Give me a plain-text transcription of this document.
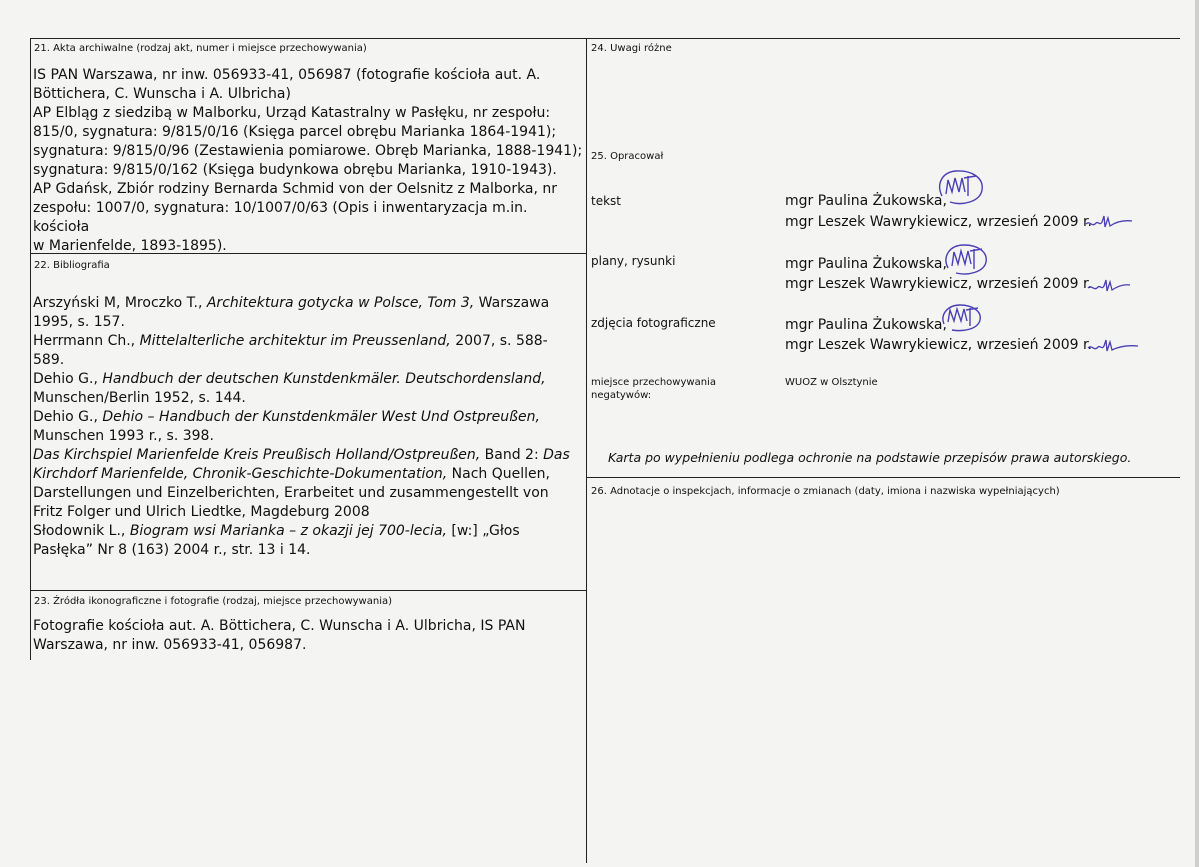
21. Akta archiwalne (rodzaj akt, numer i miejsce przechowywania)

IS PAN Warszawa, nr inw. 056933-41, 056987 (fotografie kościoła aut. A.

Böttichera, C. Wunscha i A. Ulbricha)

AP Elbląg z siedzibą w Malborku, Urząd Katastralny w Pasłęku, nr zespołu:

815/0, sygnatura: 9/815/0/16 (Księga parcel obrębu Marianka 1864-1941);

sygnatura: 9/815/0/96 (Zestawienia pomiarowe. Obręb Marianka, 1888-1941);

sygnatura: 9/815/0/162 (Księga budynkowa obrębu Marianka, 1910-1943).

AP Gdańsk, Zbiór rodziny Bernarda Schmid von der Oelsnitz z Malborka, nr

zespołu: 1007/0, sygnatura: 10/1007/0/63 (Opis i inwentaryzacja m.in. kościoła

w Marienfelde, 1893-1895).

22. Bibliografia

Arszyński M, Mroczko T., Architektura gotycka w Polsce, Tom 3, Warszawa 1995, s. 157.

Herrmann Ch., Mittelalterliche architektur im Preussenland, 2007, s. 588-589.

Dehio G., Handbuch der deutschen Kunstdenkmäler. Deutschordensland, Munschen/Berlin 1952, s. 144.

Dehio G., Dehio – Handbuch der Kunstdenkmäler West Und Ostpreußen, Munschen 1993 r., s. 398.

Das Kirchspiel Marienfelde Kreis Preußisch Holland/Ostpreußen, Band 2: Das Kirchdorf Marienfelde, Chronik-Geschichte-Dokumentation, Nach Quellen, Darstellungen und Einzelberichten, Erarbeitet und zusammengestellt von Fritz Folger und Ulrich Liedtke, Magdeburg 2008

Słodownik L., Biogram wsi Marianka – z okazji jej 700-lecia, [w:] „Głos Pasłęka” Nr 8 (163) 2004 r., str. 13 i 14.

23. Źródła ikonograficzne i fotografie (rodzaj, miejsce przechowywania)

Fotografie kościoła aut. A. Böttichera, C. Wunscha i A. Ulbricha, IS PAN

Warszawa, nr inw. 056933-41, 056987.

24. Uwagi różne
25. Opracował
tekst	mgr Paulina Żukowska,
mgr Leszek Wawrykiewicz, wrzesień 2009 r.
plany, rysunki	mgr Paulina Żukowska,
mgr Leszek Wawrykiewicz, wrzesień 2009 r.
zdjęcia fotograficzne	mgr Paulina Żukowska,
mgr Leszek Wawrykiewicz, wrzesień 2009 r.
miejsce przechowywania
negatywów:
WUOZ w Olsztynie
Karta po wypełnieniu podlega ochronie na podstawie przepisów prawa autorskiego.
26. Adnotacje o inspekcjach, informacje o zmianach (daty, imiona i nazwiska wypełniających)
